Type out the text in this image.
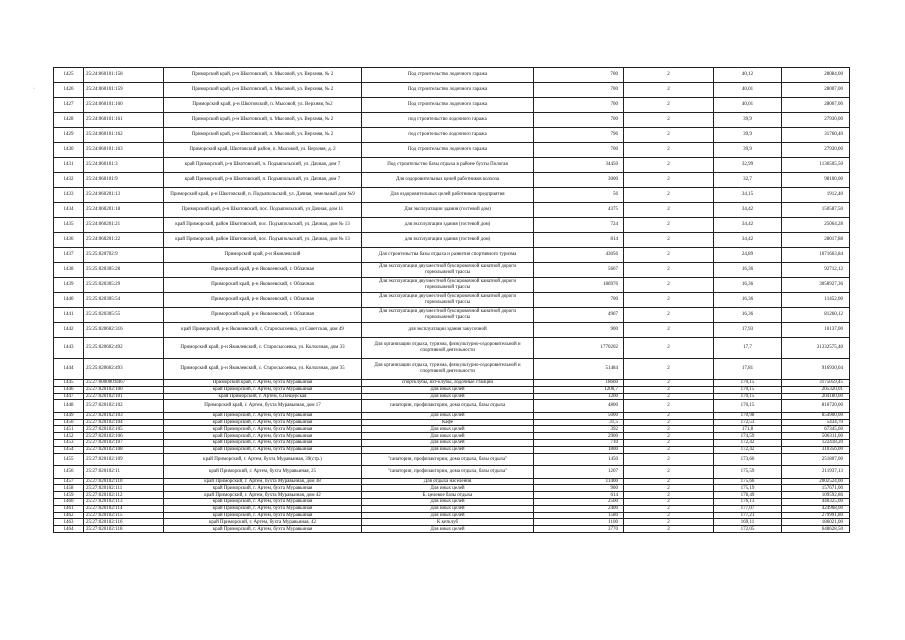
·
1425	25:24:060101:158	Приморский край, р-н Шкотовский, п. Мысовой, ул. Верхняя, № 2	Под строительство лодочного гаража	700	2	40,12	28084,00
1426	25:24:060101:159	Приморский край, р-н Шкотовский, п. Мысовой, ул. Верхняя, № 2	Под строительство лодочного гаража	700	2	40,01	28007,00
1427	25:24:060101:160	Приморский край, р-н Шкотовский, п. Мысовой, ул. Верхняя, №2	Под строительство лодочного гаража	700	2	40,01	28007,00
1428	25:24:060101:161	Приморский край, р-н Шкотовский, п. Мысовой, ул. Верхняя, № 2	под строительство лодочного гаража	700	2	39,9	27930,00
1429	25:24:060101:162	Приморский край, р-н Шкотовский, п. Мысовой, ул. Верхняя, № 2	под строительство лодочного гаража	796	2	39,9	31760,40
1430	25:24:060101:163	Приморский край, Шкотовский район, п. Мысовой, ул. Верхняя, д. 2	Под строительство лодочного гаража	700	2	39,9	27930,00
1431	25:24:060101:3	край Приморский, р-н Шкотовский, п. Подъяпольский, ул. Дачная, дом 7	Под строительство базы отдыха в районе бухты Пологая	34450	2	32,99	1136505,50
1432	25:24:060101:9	край Приморский, р-н Шкотовский, п. Подъяпольский, ул. Дачная, дом 7	Для оздоровительных целей работников колхоза	3000	2	32,7	98100,00
1433	25:24:060201:13	Приморский край, р-н Шкотовский, п. Подъяпольский, ул. Дачная, земельный дом №9	Для оздоровительных целей работников предприятия	56	2	34,15	1912,40
1434	25:24:060201:18	Приморский край, р-н Шкотовский, пос. Подъяпольский, ул Дачная, дом 11	Для эксплуатации здания (гостевой дом)	4375	2	34,42	150587,50
1435	25:24:060201:21	край Приморский, район Шкотовский, пос. Подъяпольский, ул. Дачная, дом № 13	для эксплуатации здания (гостевой дом)	724	2	34,42	25064,28
1436	25:24:060201:22	край Приморский, район Шкотовский, пос. Подъяпольский, ул. Дачная, дом № 13	для эксплуатации здания (гостевой дом)	814	2	34,42	28017,88
1437	25:25:020702:9	Приморский край, р-н Яковлевский	Для строительства базы отдыха и развития спортивного туризма	43056	2	24,89	1071663,84
1438	25:25:020305:28	Приморский край, р-н Яковлевский, г. Облачная	Для эксплуатации двухместной буксировочной канатной дороги горнолыжной трассы	5667	2	16,36	92712,12
1439	25:25:020305:29	Приморский край, р-н Яковлевский, г. Облачная	Для эксплуатации двухместной буксировочной канатной дороги горнолыжной трассы	186976	2	16,36	3058927,36
1440	25:25:020305:54	Приморский край, р-н Яковлевский, г. Облачная	Для эксплуатации двухместной буксировочной канатной дороги горнолыжной трассы	700	2	16,36	11452,00
1441	25:25:020305:55	Приморский край, р-н Яковлевский, г. Облачная	Для эксплуатации двухместной буксировочной канатной дороги горнолыжной трассы	4967	2	16,36	81260,12
1442	25:25:020602:316	край Приморский, р-н Яковлевский, с. Старосысоевка, ул Советская, дом 49	для эксплуатации здания закусочной	900	2	17,93	16137,00
1443	25:25:020602:492	Приморский край, р-н Яковлевский, с. Старосысоевка, ул. Колхозная, дом 33	Для организации отдыха, туризма, физкультурно-оздоровительной и спортивной деятельности	1770202	2	17,7	31332575,40
1444	25:25:020602:493	Приморский край, р-н Яковлевский, с. Старосысоевка, ул. Колхозная, дом 35	Для организации отдыха, туризма, физкультурно-оздоровительной и спортивной деятельности	51484	2	17,81	916930,04
1445	25:27:000000:8467	Приморский край, г. Артем, бухта Муравьиная	спортклубы, яхт-клубы, лодочные станции	18660	2	170,15	3175059,45
1446	25:27:020102:100	край Приморский, г. Артем, бухта Муравьиная	Для иных целей	1206,7	2	170,15	205320,01
1447	25:27:020102:101	край Приморский, г. Артем, б.Пещерская	Для иных целей	1200	2	170,15	204180,00
1448	25:27:020102:102	Приморский край, г. Артем, бухта Муравьиная, дом 17	санатории, профилактории, дома отдыха, базы отдыха	4800	2	170,15	816720,00
1449	25:27:020102:103	край Приморский, г. Артем, бухта Муравьиная	Для иных целей	5000	2	170,98	854900,00
1450	25:27:020102:104	край Приморский, г. Артем, бухта Муравьиная	Кафе	31,5	2	172,53	5434,70
1451	25:27:020102:105	край Приморский, г. Артем, бухта Муравьиная	Для иных целей	392	2	171,8	67345,60
1452	25:27:020102:106	край Приморский, г. Артем, бухта Муравьиная	Для иных целей	2900	2	174,59	506311,00
1453	25:27:020102:107	край Приморский, г. Артем, бухта Муравьиная	Для иных целей	710	2	172,42	122418,20
1454	25:27:020102:108	край Приморский, г. Артем, бухта Муравьиная	Для иных целей	1800	2	172,42	310356,00
1455	25:27:020102:109	край Приморский, г. Артем, бухта Муравьиная, 39(стр.)	"санатории, профилактории, дома отдыха, базы отдыха"	1450	2	173,66	251807,00
1456	25:27:020102:11	край Приморский, г. Артем, бухта Муравьиная, 25	"санатории, профилактории, дома отдыха, базы отдыха"	1207	2	175,59	211937,13
1457	25:27:020102:110	край Приморский, г. Артем, бухта Муравьиная, дом 38	Для отдыха населения	11400	2	175,66	2002524,00
1458	25:27:020102:111	край Приморский, г. Артем, бухта Муравьиная	Для иных целей	900	2	175,19	157671,00
1459	25:27:020102:112	край Приморский, г. Артем, бухта Муравьиная, дом 42	Б. целевое базы отдыха	614	2	178,49	109592,86
1460	25:27:020102:113	край Приморский, г. Артем, бухта Муравьиная	Для иных целей	2500	2	176,13	440325,00
1461	25:27:020102:114	край Приморский, г. Артем, бухта Муравьиная	Для иных целей	2400	2	177,07	424968,00
1462	25:27:020102:115	край Приморский, г. Артем, бухта Муравьиная	Для иных целей	1580	2	177,21	279991,80
1463	25:27:020102:116	край Приморский, г. Артем, бухта Муравьиная, 42	К кетклуб	1100	2	169,11	186021,00
1464	25:27:020102:118	край Приморский, г. Артем, бухта Муравьиная	Для иных целей	3770	2	172,05	648628,50
